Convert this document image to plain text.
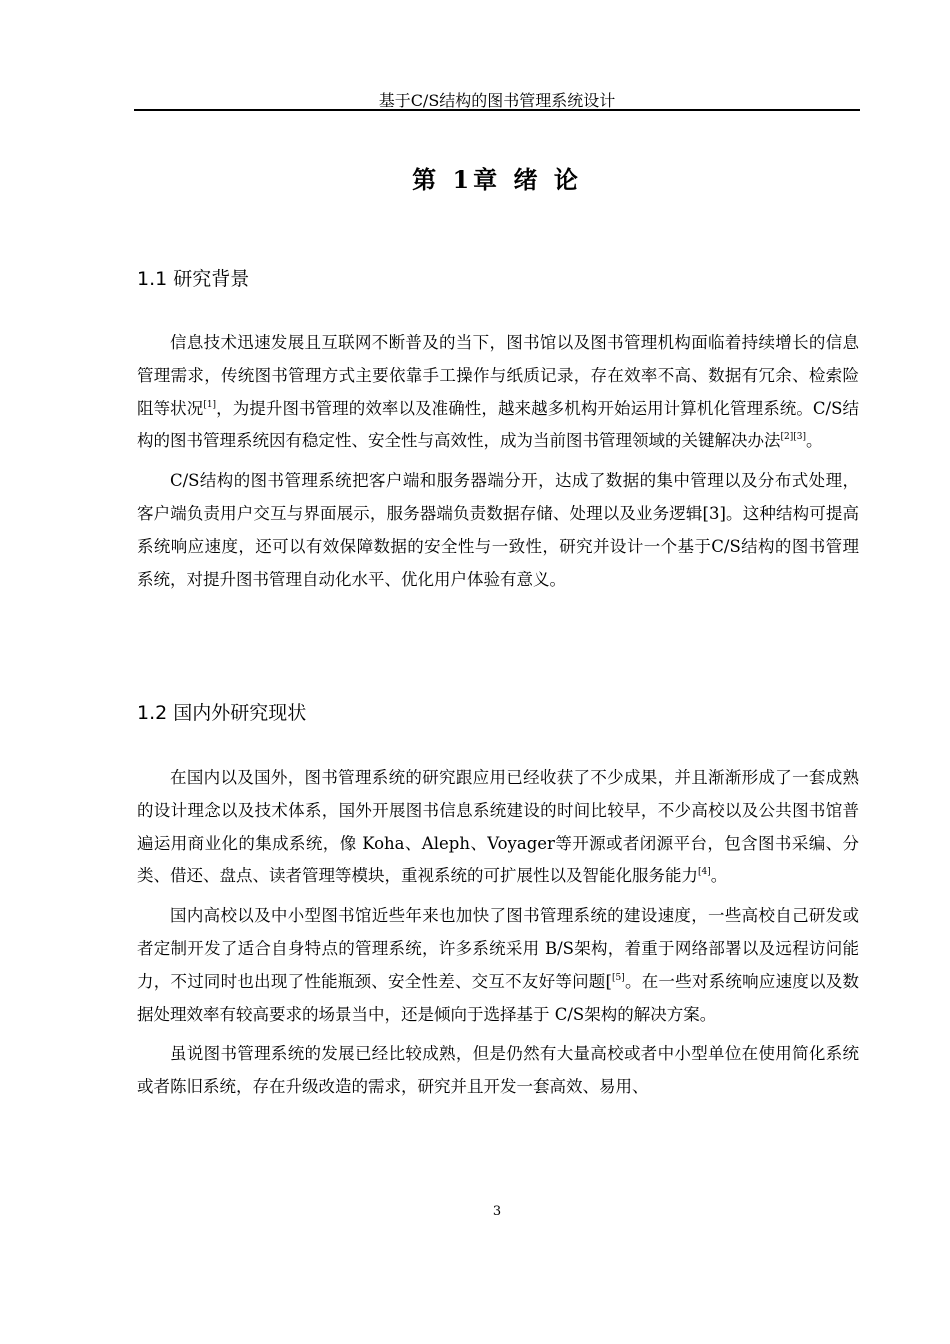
基于C/S结构的图书管理系统设计
第 1章 绪 论
1.1 研究背景

信息技术迅速发展且互联网不断普及的当下，图书馆以及图书管理机构面临着持续增长的信息管理需求，传统图书管理方式主要依靠手工操作与纸质记录，存在效率不高、数据有冗余、检索险阻等状况[1]，为提升图书管理的效率以及准确性，越来越多机构开始运用计算机化管理系统。C/S结构的图书管理系统因有稳定性、安全性与高效性，成为当前图书管理领域的关键解决办法[2][3]。

C/S结构的图书管理系统把客户端和服务器端分开，达成了数据的集中管理以及分布式处理，客户端负责用户交互与界面展示，服务器端负责数据存储、处理以及业务逻辑[3]。这种结构可提高系统响应速度，还可以有效保障数据的安全性与一致性，研究并设计一个基于C/S结构的图书管理系统，对提升图书管理自动化水平、优化用户体验有意义。

1.2 国内外研究现状

在国内以及国外，图书管理系统的研究跟应用已经收获了不少成果，并且渐渐形成了一套成熟的设计理念以及技术体系，国外开展图书信息系统建设的时间比较早，不少高校以及公共图书馆普遍运用商业化的集成系统，像 Koha、Aleph、Voyager等开源或者闭源平台，包含图书采编、分类、借还、盘点、读者管理等模块，重视系统的可扩展性以及智能化服务能力[4]。

国内高校以及中小型图书馆近些年来也加快了图书管理系统的建设速度，一些高校自己研发或者定制开发了适合自身特点的管理系统，许多系统采用 B/S架构，着重于网络部署以及远程访问能力，不过同时也出现了性能瓶颈、安全性差、交互不友好等问题[[5]。在一些对系统响应速度以及数据处理效率有较高要求的场景当中，还是倾向于选择基于 C/S架构的解决方案。

虽说图书管理系统的发展已经比较成熟，但是仍然有大量高校或者中小型单位在使用简化系统或者陈旧系统，存在升级改造的需求，研究并且开发一套高效、易用、

3
